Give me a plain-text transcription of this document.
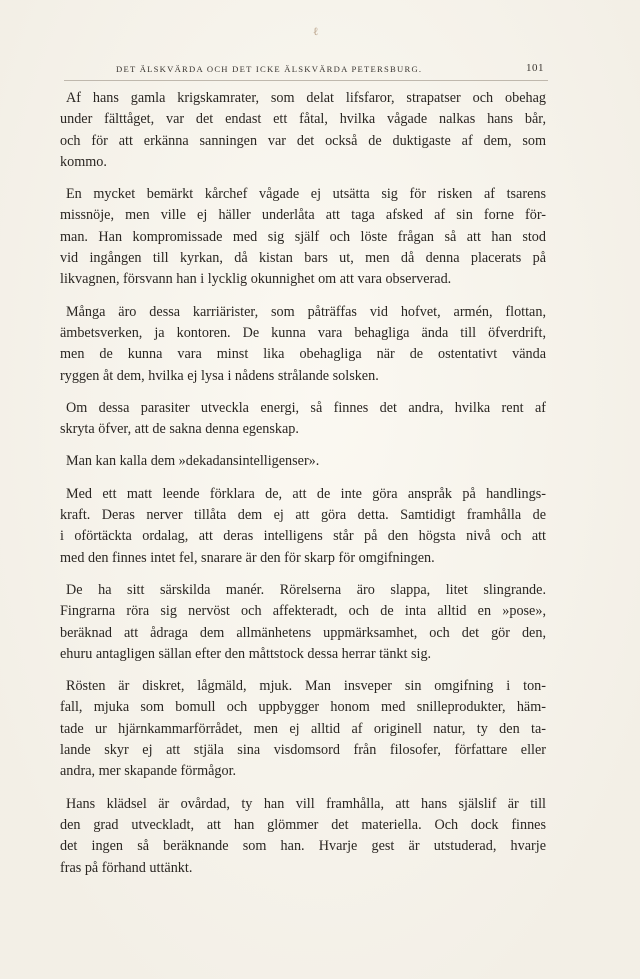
ℓ
DET ÄLSKVÄRDA OCH DET ICKE ÄLSKVÄRDA PETERSBURG.	101

Af hans gamla krigskamrater, som delat lifsfaror, strapatser och obehag
under fälttåget, var det endast ett fåtal, hvilka vågade nalkas hans bår,
och för att erkänna sanningen var det också de duktigaste af dem, som
kommo.

En mycket bemärkt kårchef vågade ej utsätta sig för risken af tsarens
missnöje, men ville ej häller underlåta att taga afsked af sin forne för-
man. Han kompromissade med sig själf och löste frågan så att han stod
vid ingången till kyrkan, då kistan bars ut, men då denna placerats på
likvagnen, försvann han i lycklig okunnighet om att vara observerad.

Många äro dessa karriärister, som påträffas vid hofvet, armén, flottan,
ämbetsverken, ja kontoren. De kunna vara behagliga ända till öfverdrift,
men de kunna vara minst lika obehagliga när de ostentativt vända
ryggen åt dem, hvilka ej lysa i nådens strålande solsken.

Om dessa parasiter utveckla energi, så finnes det andra, hvilka rent af
skryta öfver, att de sakna denna egenskap.

Man kan kalla dem »dekadansintelligenser».

Med ett matt leende förklara de, att de inte göra anspråk på handlings-
kraft. Deras nerver tillåta dem ej att göra detta. Samtidigt framhålla de
i oförtäckta ordalag, att deras intelligens står på den högsta nivå och att
med den finnes intet fel, snarare är den för skarp för omgifningen.

De ha sitt särskilda manér. Rörelserna äro slappa, litet slingrande.
Fingrarna röra sig nervöst och affekteradt, och de inta alltid en »pose»,
beräknad att ådraga dem allmänhetens uppmärksamhet, och det gör den,
ehuru antagligen sällan efter den måttstock dessa herrar tänkt sig.

Rösten är diskret, lågmäld, mjuk. Man insveper sin omgifning i ton-
fall, mjuka som bomull och uppbygger honom med snilleprodukter, häm-
tade ur hjärnkammarförrådet, men ej alltid af originell natur, ty den ta-
lande skyr ej att stjäla sina visdomsord från filosofer, författare eller
andra, mer skapande förmågor.

Hans klädsel är ovårdad, ty han vill framhålla, att hans själslif är till
den grad utveckladt, att han glömmer det materiella. Och dock finnes
det ingen så beräknande som han. Hvarje gest är utstuderad, hvarje
fras på förhand uttänkt.
